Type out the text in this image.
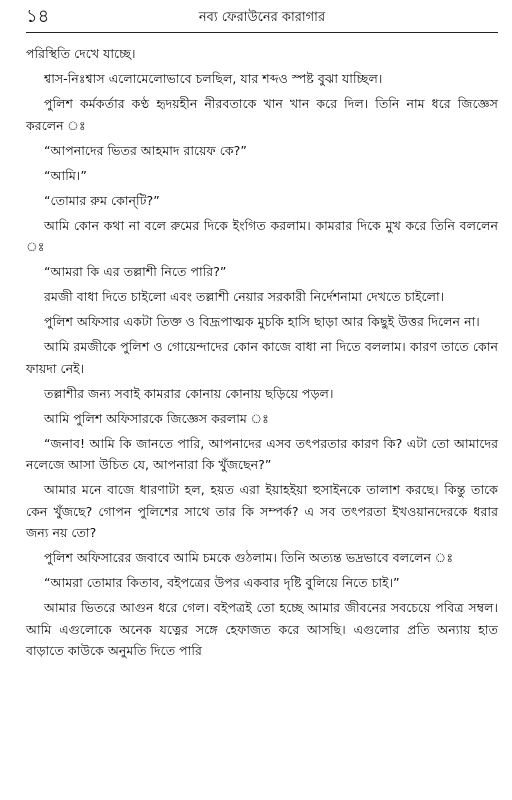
১৪	নব্য ফেরাউনের কারাগার

পরিস্থিতি দেখে যাচ্ছে।

শ্বাস-নিঃশ্বাস এলোমেলোভাবে চলছিল, যার শব্দও স্পষ্ট বুঝা যাচ্ছিল।

পুলিশ কর্মকর্তার কণ্ঠ হৃদয়হীন নীরবতাকে খান খান করে দিল। তিনি নাম ধরে জিজ্ঞেস করলেন ঃ

“আপনাদের ভিতর আহমাদ রায়েফ কে?”

“আমি।”

“তোমার রুম কোন্‌টি?”

আমি কোন কথা না বলে রুমের দিকে ইংগিত করলাম। কামরার দিকে মুখ করে তিনি বললেন ঃ

“আমরা কি এর তল্লাশী নিতে পারি?”

রমজী বাধা দিতে চাইলো এবং তল্লাশী নেয়ার সরকারী নির্দেশনামা দেখতে চাইলো।

পুলিশ অফিসার একটা তিক্ত ও বিদ্রূপাত্মক মুচকি হাসি ছাড়া আর কিছুই উত্তর দিলেন না।

আমি রমজীকে পুলিশ ও গোয়েন্দাদের কোন কাজে বাধা না দিতে বললাম। কারণ তাতে কোন ফায়দা নেই।

তল্লাশীর জন্য সবাই কামরার কোনায় কোনায় ছড়িয়ে পড়ল।

আমি পুলিশ অফিসারকে জিজ্ঞেস করলাম ঃ

“জনাব! আমি কি জানতে পারি, আপনাদের এসব তৎপরতার কারণ কি? এটা তো আমাদের নলেজে আসা উচিত যে, আপনারা কি খুঁজছেন?”

আমার মনে বাজে ধারণাটা হল, হয়ত এরা ইয়াহইয়া হুসাইনকে তালাশ করছে। কিন্তু তাকে কেন খুঁজছে? গোপন পুলিশের সাথে তার কি সম্পর্ক? এ সব তৎপরতা ইখওয়ানদেরকে ধরার জন্য নয় তো?

পুলিশ অফিসারের জবাবে আমি চমকে গুঠলাম। তিনি অত্যন্ত ভদ্রভাবে বললেন ঃ

“আমরা তোমার কিতাব, বইপত্রের উপর একবার দৃষ্টি বুলিয়ে নিতে চাই।”

আমার ভিতরে আগুন ধরে গেল। বইপত্রই তো হচ্ছে আমার জীবনের সবচেয়ে পবিত্র সম্বল। আমি এগুলোকে অনেক যত্নের সঙ্গে হেফাজত করে আসছি। এগুলোর প্রতি অন্যায় হাত বাড়াতে কাউকে অনুমতি দিতে পারি
